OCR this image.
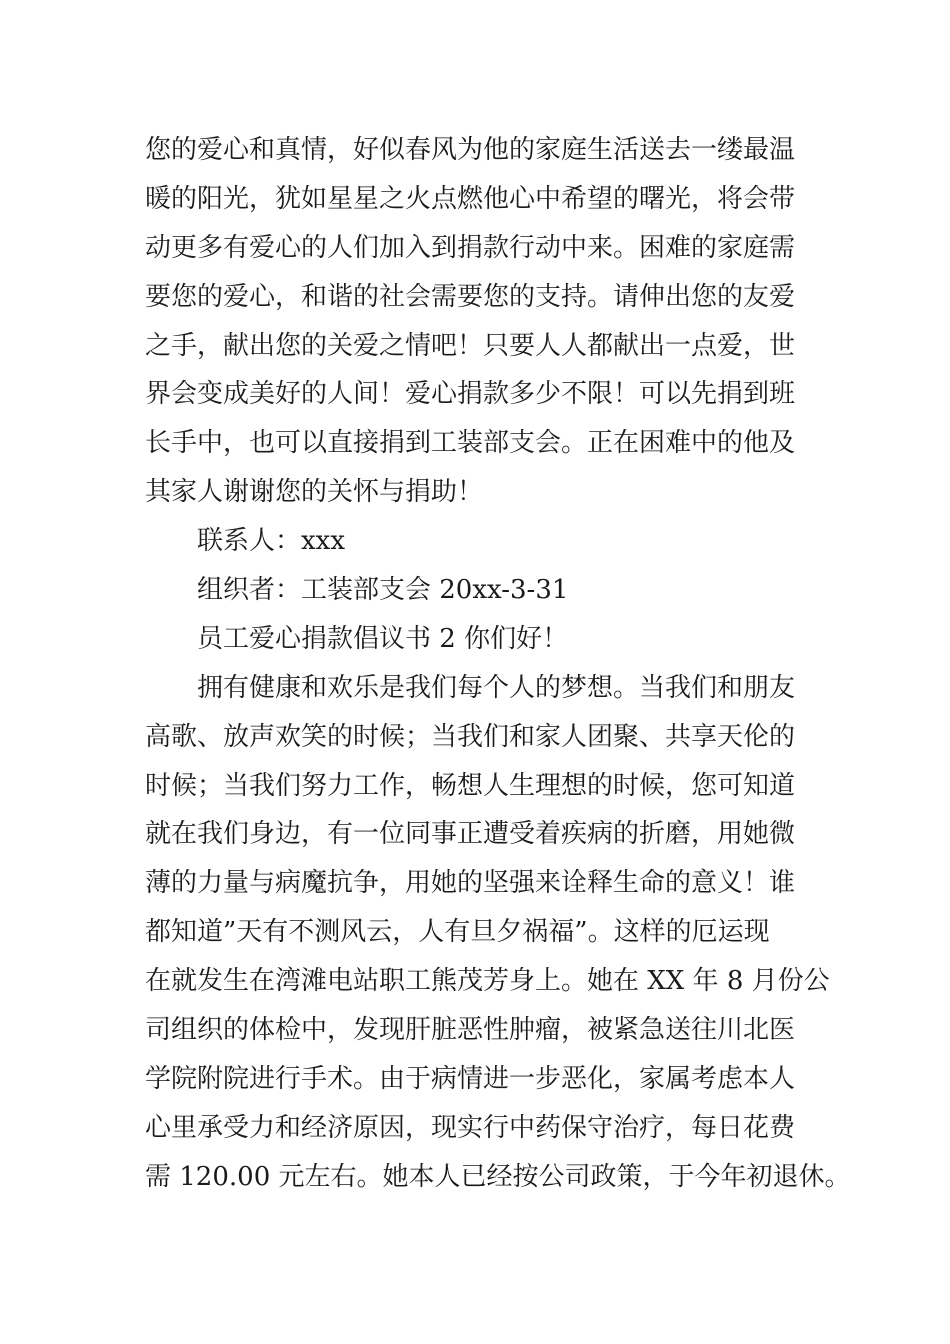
您的爱心和真情，好似春风为他的家庭生活送去一缕最温
暖的阳光，犹如星星之火点燃他心中希望的曙光，将会带
动更多有爱心的人们加入到捐款行动中来。困难的家庭需
要您的爱心，和谐的社会需要您的支持。请伸出您的友爱
之手，献出您的关爱之情吧！只要人人都献出一点爱，世
界会变成美好的人间！爱心捐款多少不限！可以先捐到班
长手中，也可以直接捐到工装部支会。正在困难中的他及
其家人谢谢您的关怀与捐助！
联系人：xxx
组织者：工装部支会 20xx-3-31
员工爱心捐款倡议书 2 你们好！
拥有健康和欢乐是我们每个人的梦想。当我们和朋友
高歌、放声欢笑的时候；当我们和家人团聚、共享天伦的
时候；当我们努力工作，畅想人生理想的时候，您可知道
就在我们身边，有一位同事正遭受着疾病的折磨，用她微
薄的力量与病魔抗争，用她的坚强来诠释生命的意义！谁
都知道”天有不测风云，人有旦夕祸福”。这样的厄运现
在就发生在湾滩电站职工熊茂芳身上。她在 XX 年 8 月份公
司组织的体检中，发现肝脏恶性肿瘤，被紧急送往川北医
学院附院进行手术。由于病情进一步恶化，家属考虑本人
心里承受力和经济原因，现实行中药保守治疗，每日花费
需 120.00 元左右。她本人已经按公司政策，于今年初退休。
